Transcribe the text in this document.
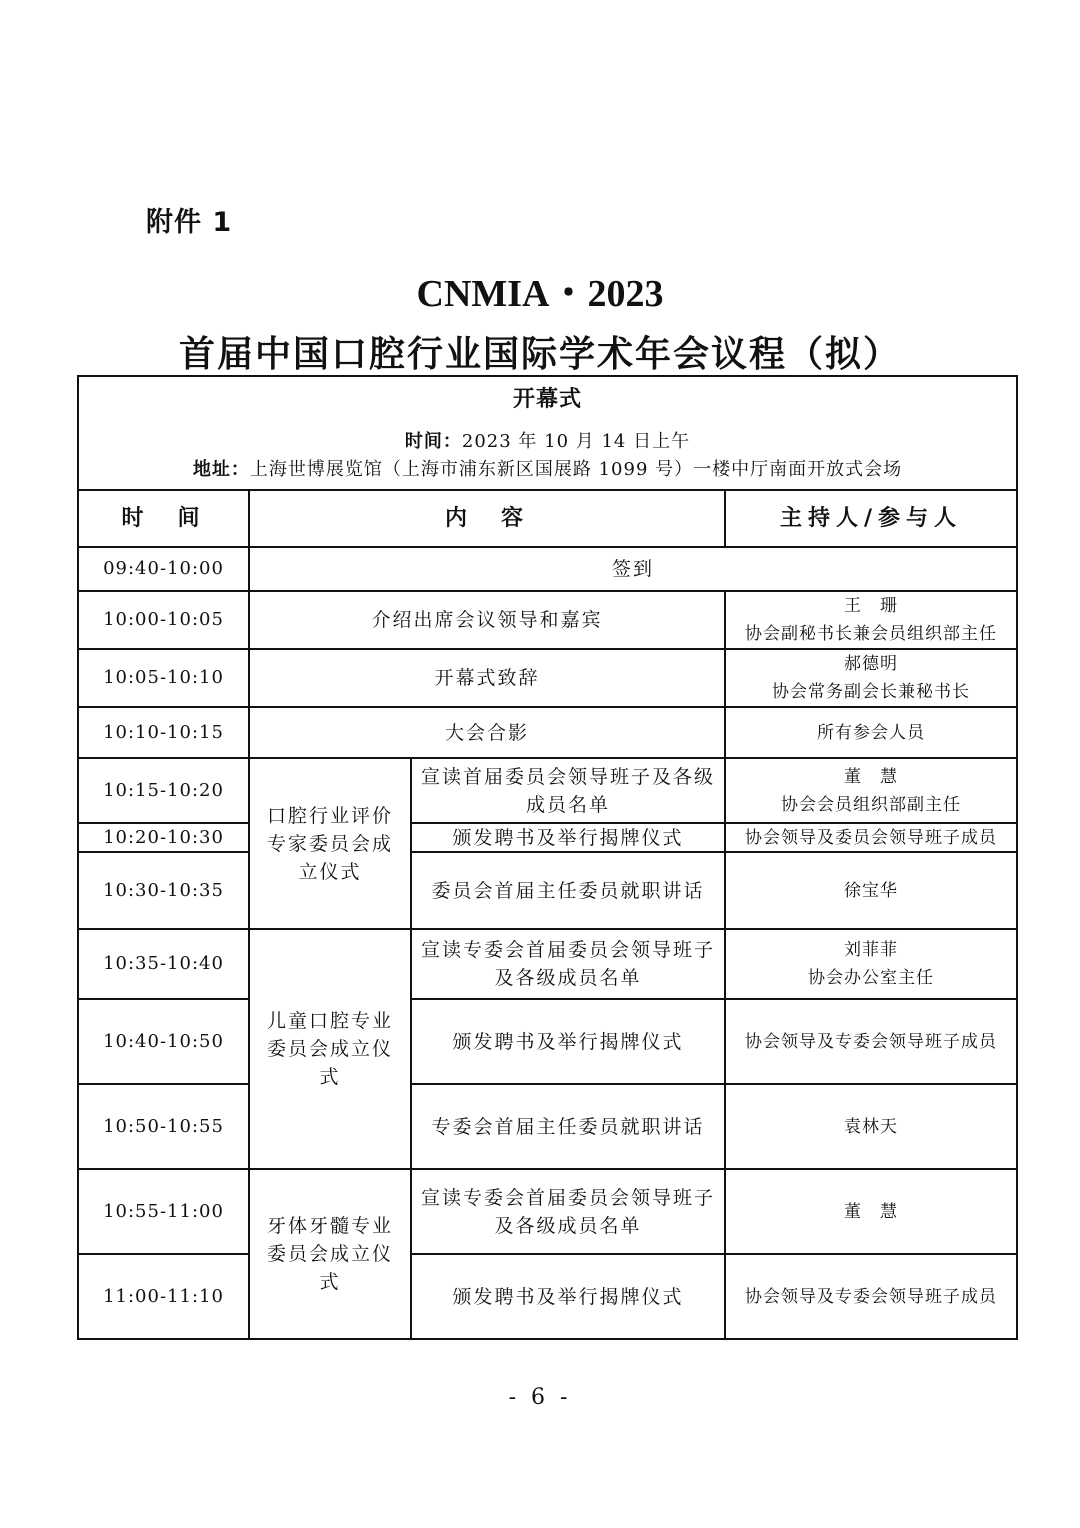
附件 1
CNMIA・2023
首届中国口腔行业国际学术年会议程（拟）
开幕式
时间：2023 年 10 月 14 日上午
地址：上海世博展览馆（上海市浦东新区国展路 1099 号）一楼中厅南面开放式会场			

时　间	内　容		主持人/参与人
09:40-10:00	签到		
10:00-10:05	介绍出席会议领导和嘉宾		王　珊
协会副秘书长兼会员组织部主任

10:05-10:10	开幕式致辞		郝德明
协会常务副会长兼秘书长

10:10-10:15	大会合影		所有参会人员
10:15-10:20	口腔行业评价专家委员会成立仪式	宣读首届委员会领导班子及各级成员名单	董　慧
协会会员组织部副主任

10:20-10:30		颁发聘书及举行揭牌仪式	协会领导及委员会领导班子成员
10:30-10:35		委员会首届主任委员就职讲话	徐宝华
10:35-10:40	儿童口腔专业委员会成立仪式	宣读专委会首届委员会领导班子及各级成员名单	刘菲菲
协会办公室主任

10:40-10:50		颁发聘书及举行揭牌仪式	协会领导及专委会领导班子成员
10:50-10:55		专委会首届主任委员就职讲话	袁林天
10:55-11:00	牙体牙髓专业委员会成立仪式	宣读专委会首届委员会领导班子及各级成员名单	董　慧
11:00-11:10		颁发聘书及举行揭牌仪式	协会领导及专委会领导班子成员
- 6 -
